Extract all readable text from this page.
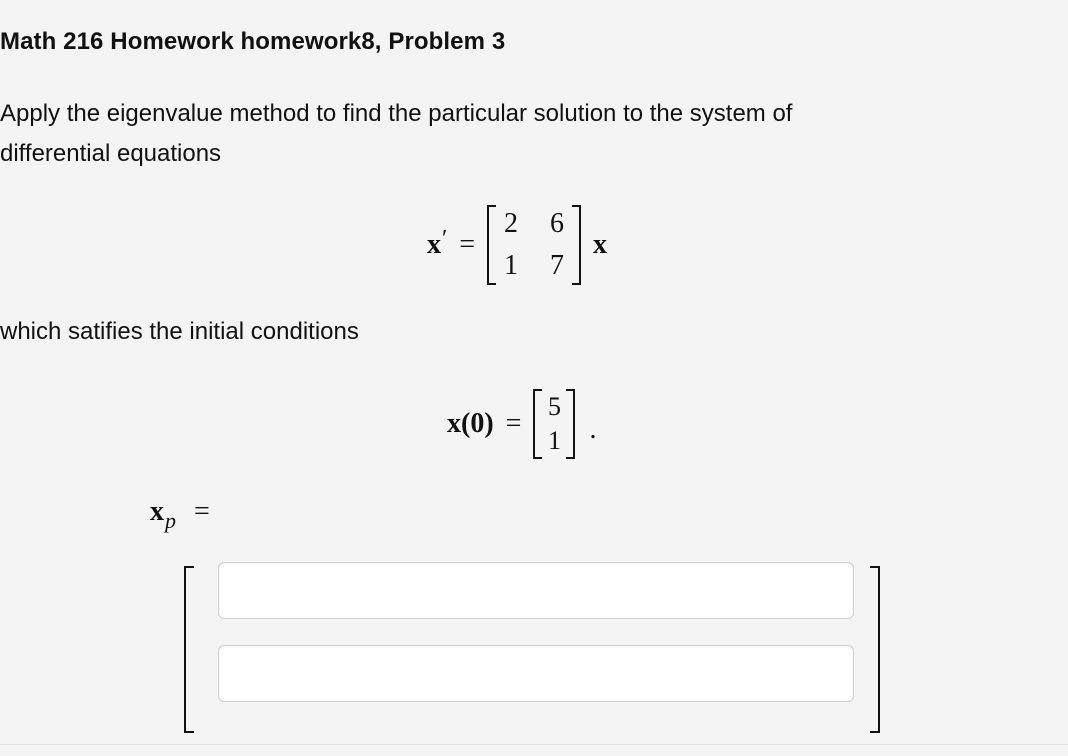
Math 216 Homework homework8, Problem 3
Apply the eigenvalue method to find the particular solution to the system of
differential equations
x ′ =
2 6
1 7
x
which satifies the initial conditions
x(0) =
5
1 .
x p =
